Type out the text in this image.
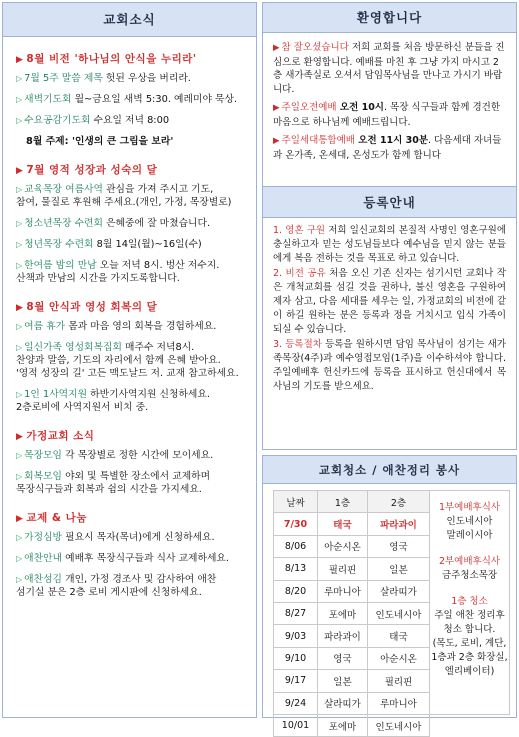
교회소식
▶ 8월 비전 '하나님의 안식을 누리라'
▷ 7월 5주 말씀 제목 헛된 우상을 버리라.
▷ 새벽기도회 월~금요일 새벽 5:30. 예레미야 묵상.
▷ 수요공감기도회 수요일 저녁 8:00
8월 주제: '인생의 큰 그림을 보라'
▶ 7월 영적 성장과 성숙의 달
▷ 교육목장 여름사역 관심을 가져 주시고 기도,
참여, 물질로 후원해 주세요.(개인, 가정, 목장별로)
▷ 청소년목장 수련회 은혜중에 잘 마쳤습니다.
▷ 청년목장 수련회 8월 14일(월)~16일(수)
▷ 한여름 밤의 만남 오늘 저녁 8시. 벙산 저수지.
산책과 만남의 시간을 가지도록합니다.
▶ 8월 안식과 영성 회복의 달
▷ 여름 휴가 몸과 마음 영의 회복을 경험하세요.
▷ 일신가족 영성회복집회 매주수 저녁8시.
찬양과 말씀, 기도의 자리에서 함께 은혜 받아요.
'영적 성장의 길' 고든 맥도날드 저. 교재 참고하세요.
▷ 1인 1사역지원 하반기사역지원 신청하세요.
2층로비에 사역지원서 비치 중.
▶ 가정교회 소식
▷ 목장모임 각 목장별로 정한 시간에 모이세요.
▷ 회복모임 야외 및 특별한 장소에서 교제하며
목장식구들과 회복과 쉼의 시간을 가지세요.
▶ 교제 & 나눔
▷ 가정심방 필요시 목자(목녀)에게 신청하세요.
▷ 애찬안내 예배후 목장식구들과 식사 교제하세요.
▷ 애찬섬김 개인, 가정 경조사 및 감사하여 애찬
섬기실 분은 2층 로비 게시판에 신청하세요.
환영합니다
▶ 참 잘오셨습니다 저희 교회를 처음 방문하신 분들을 진심으로 환영합니다. 예배를 마친 후 그냥 가지 마시고 2층 새가족실로 오셔서 담임목사님을 만나고 가시기 바랍니다.
▶ 주일오전예배 오전 10시. 목장 식구들과 함께 경건한 마음으로 하나님께 예배드립니다.
▶ 주일세대통합예배 오전 11시 30분. 다음세대 자녀들과 온가족, 온세대, 온성도가 함께 합니다
등록안내
1. 영혼 구원 저희 일신교회의 본질적 사명인 영혼구원에 충실하고자 믿는 성도님들보다 예수님을 믿지 않는 분들에게 복음 전하는 것을 목표로 하고 있습니다.
2. 비전 공유 처음 오신 기존 신자는 섬기시던 교회나 작은 개척교회를 섬길 것을 권하나, 불신 영혼을 구원하여 제자 삼고, 다음 세대를 세우는 일, 가정교회의 비전에 같이 하길 원하는 분은 등록과 정을 거치시고 입식 가족이 되실 수 있습니다.
3. 등록절차 등록을 원하시면 담임 목사님이 섬기는 새가족목장(4주)과 예수영접모임(1주)을 이수하셔야 합니다. 주일예배후 헌신카드에 등록을 표시하고 헌신대에서 목사님의 기도를 받으세요.
교회청소 / 애찬정리 봉사
날짜	1층	2층
7/30	태국	파라과이
8/06	아순시온	영국
8/13	필리핀	일본
8/20	루마니아	살라띠가
8/27	포에마	인도네시아
9/03	파라과이	태국
9/10	영국	아순시온
9/17	일본	필리핀
9/24	살라띠가	루마니아
10/01	포에마	인도네시아
1부예배후식사
인도네시아
말레이시아
2부예배후식사
금주청소목장
1층 청소
주일 애찬 정리후
청소 합니다.
(목도, 로비, 계단,
1층과 2층 화장실,
엘리베이터)
